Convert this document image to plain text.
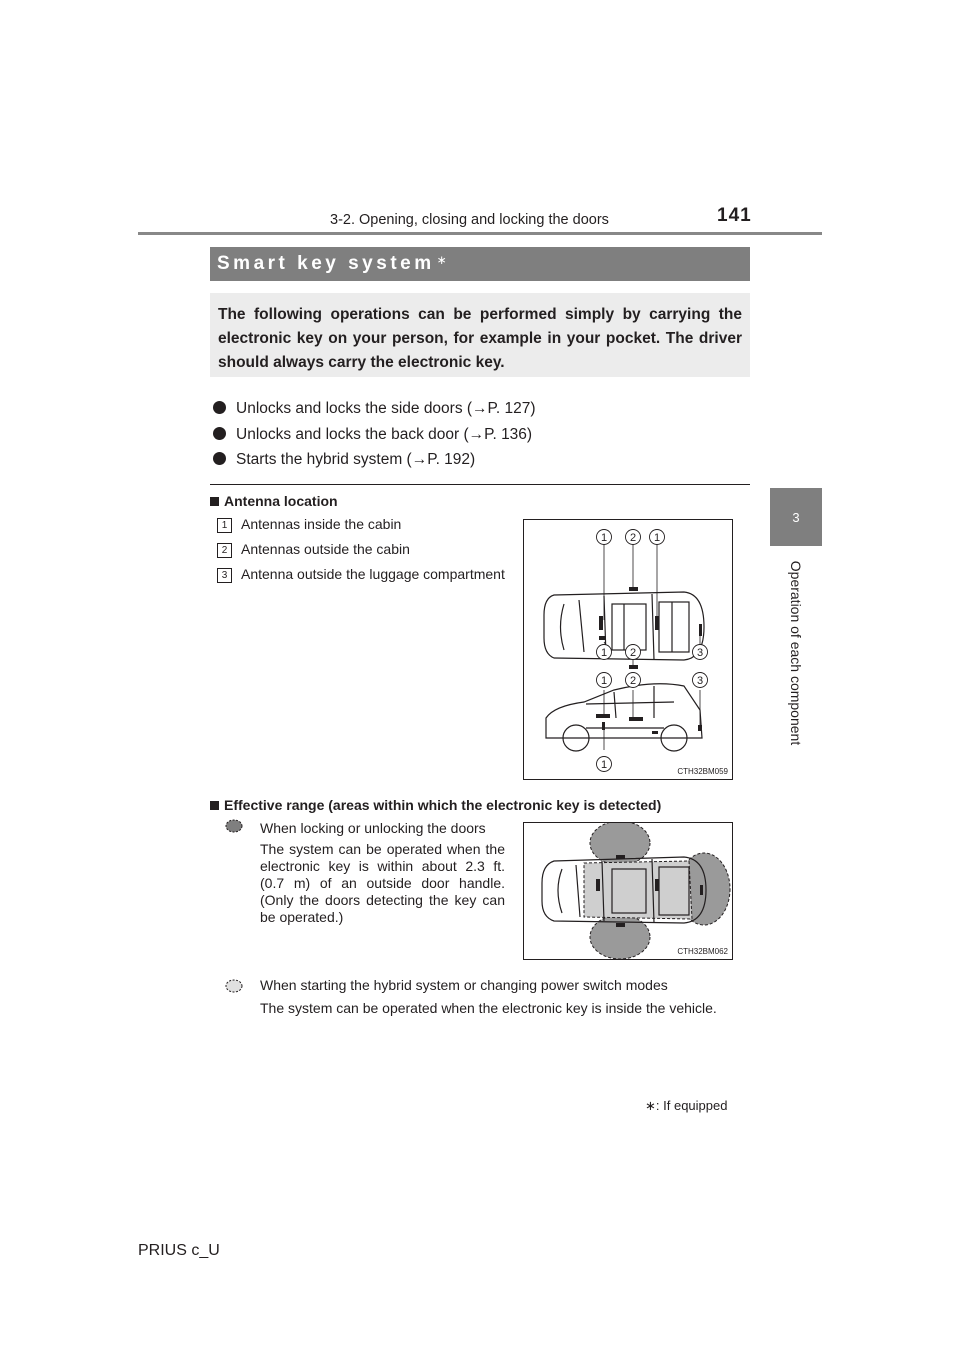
3-2. Opening, closing and locking the doors	141
3
Operation of each component
Smart key system∗

The following operations can be performed simply by carrying the electronic key on your person, for example in your pocket. The driver should always carry the electronic key.

Unlocks and locks the side doors (→P. 127)
Unlocks and locks the back door (→P. 136)
Starts the hybrid system (→P. 192)
Antenna location
1 Antennas inside the cabin
2 Antennas outside the cabin
3 Antenna outside the luggage compartment
1 2 1
1 2	3
1 2	3
1
CTH32BM059
Effective range (areas within which the electronic key is detected)
When locking or unlocking the doors
The system can be operated when the electronic key is within about 2.3 ft. (0.7 m) of an outside door handle. (Only the doors detecting the key can be operated.)
CTH32BM062
When starting the hybrid system or changing power switch modes
The system can be operated when the electronic key is inside the vehicle.
∗: If equipped
PRIUS c_U
